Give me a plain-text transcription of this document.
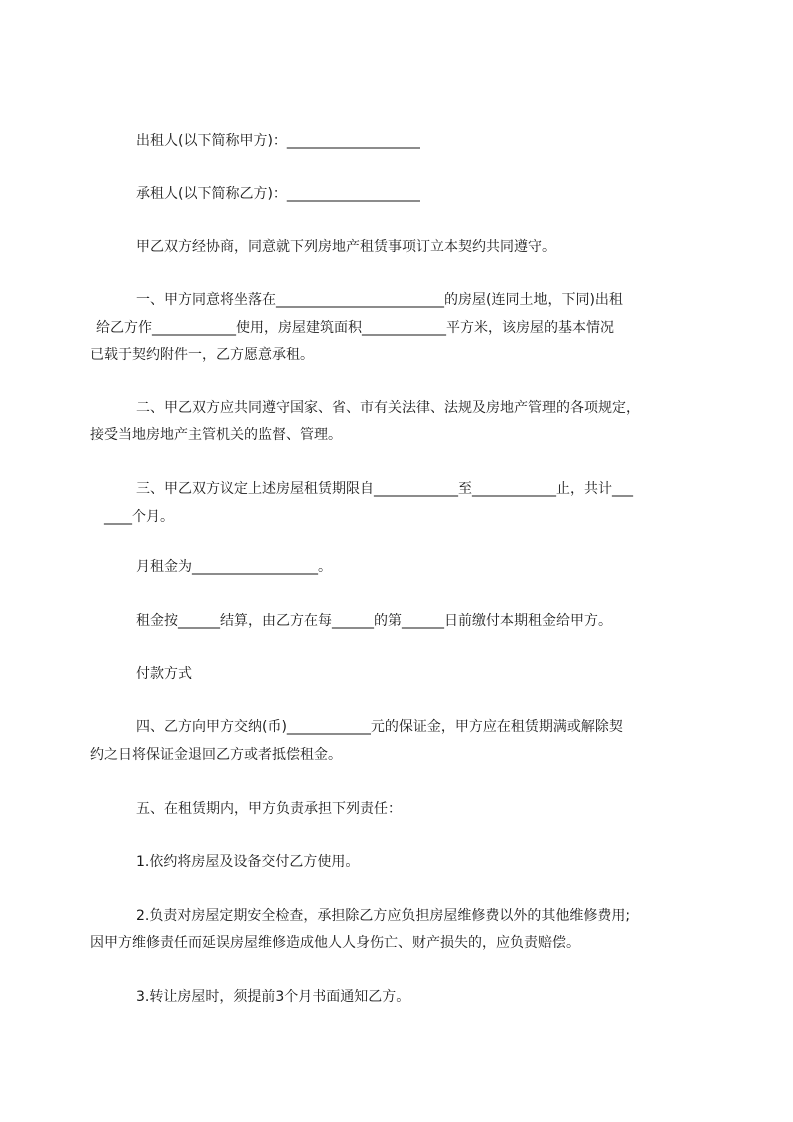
出租人(以下简称甲方)：___________________
承租人(以下简称乙方)：___________________
甲乙双方经协商，同意就下列房地产租赁事项订立本契约共同遵守。
一、甲方同意将坐落在________________________的房屋(连同土地，下同)出租
给乙方作____________使用，房屋建筑面积____________平方米，该房屋的基本情况
已载于契约附件一，乙方愿意承租。
二、甲乙双方应共同遵守国家、省、市有关法律、法规及房地产管理的各项规定，
接受当地房地产主管机关的监督、管理。
三、甲乙双方议定上述房屋租赁期限自____________至____________止，共计___
____个月。
月租金为__________________。
租金按______结算，由乙方在每______的第______日前缴付本期租金给甲方。
付款方式
四、乙方向甲方交纳(币)____________元的保证金，甲方应在租赁期满或解除契
约之日将保证金退回乙方或者抵偿租金。
五、在租赁期内，甲方负责承担下列责任：
1.依约将房屋及设备交付乙方使用。
2.负责对房屋定期安全检查，承担除乙方应负担房屋维修费以外的其他维修费用;
因甲方维修责任而延误房屋维修造成他人人身伤亡、财产损失的，应负责赔偿。
3.转让房屋时，须提前3个月书面通知乙方。
